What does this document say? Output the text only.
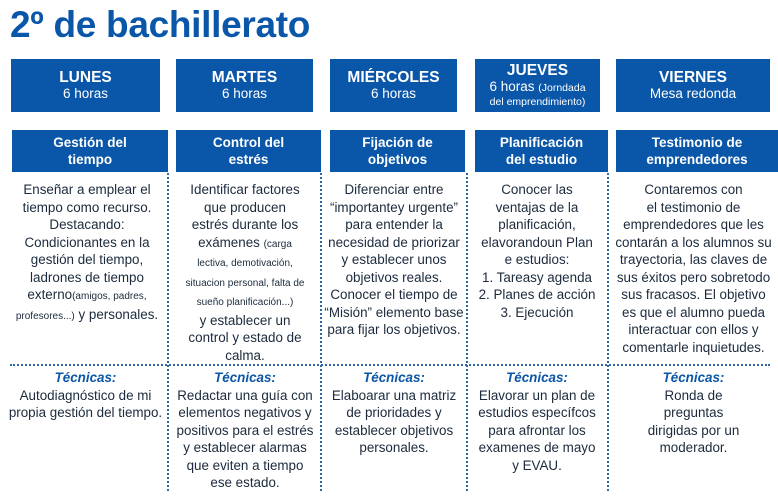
2º de bachillerato
LUNES
6 horas
MARTES
6 horas
MIÉRCOLES
6 horas
JUEVES
6 horas (Jorndada
del emprendimiento)
VIERNES
Mesa redonda
Gestión del
tiempo
Control del
estrés
Fijación de
objetivos
Planificación
del estudio
Testimonio de
emprendedores
Enseñar a emplear el
tiempo como recurso.
Destacando:
Condicionantes en la
gestión del tiempo,
ladrones de tiempo
externo(amigos, padres,
profesores...) y personales.
Identificar factores
que producen
estrés durante los
exámenes (carga
lectiva, demotivación,
situacion personal, falta de
sueño planificación...)
y establecer un
control y estado de
calma.
Diferenciar entre
“importantey urgente”
para entender la
necesidad de priorizar
y establecer unos
objetivos reales.
Conocer el tiempo de
“Misión” elemento base
para fijar los objetivos.
Conocer las
ventajas de la
planificación,
elavorandoun Plan
e estudios:
1. Tareasy agenda
2. Planes de acción
3. Ejecución
Contaremos con
el testimonio de
emprendedores que les
contarán a los alumnos su
trayectoria, las claves de
sus éxitos pero sobretodo
sus fracasos. El objetivo
es que el alumno pueda
interactuar con ellos y
comentarle inquietudes.
Técnicas:
Autodiagnóstico de mi
propia gestión del tiempo.
Técnicas:
Redactar una guía con
elementos negativos y
positivos para el estrés
y establecer alarmas
que eviten a tiempo
ese estado.
Técnicas:
Elaboarar una matriz
de prioridades y
establecer objetivos
personales.
Técnicas:
Elavorar un plan de
estudios específcos
para afrontar los
examenes de mayo
y EVAU.
Técnicas:
Ronda de
preguntas
dirigidas por un
moderador.
